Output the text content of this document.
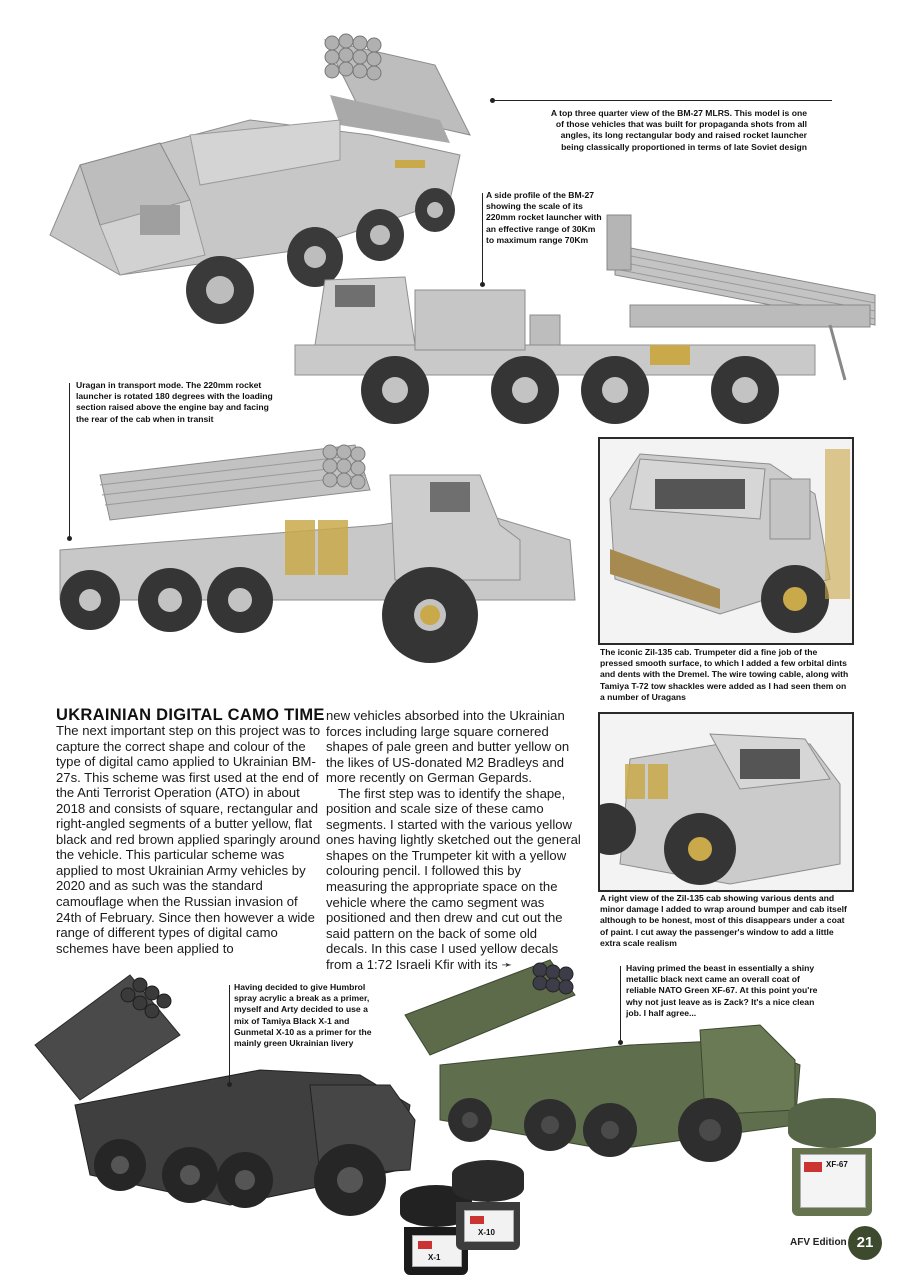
A top three quarter view of the BM-27 MLRS. This model is one of those vehicles that was built for propaganda shots from all angles, its long rectangular body and raised rocket launcher being classically proportioned in terms of late Soviet design
A side profile of the BM-27 showing the scale of its 220mm rocket launcher with an effective range of 30Km to maximum range 70Km
Uragan in transport mode. The 220mm rocket launcher is rotated 180 degrees with the loading section raised above the engine bay and facing the rear of the cab when in transit
The iconic Zil-135 cab. Trumpeter did a fine job of the pressed smooth surface, to which I added a few orbital dints and dents with the Dremel. The wire towing cable, along with Tamiya T-72 tow shackles were added as I had seen them on a number of Uragans
A right view of the Zil-135 cab showing various dents and minor damage I added to wrap around bumper and cab itself although to be honest, most of this disappears under a coat of paint. I cut away the passenger's window to add a little extra scale realism
UKRAINIAN DIGITAL CAMO TIME

The next important step on this project was to capture the correct shape and colour of the type of digital camo applied to Ukrainian BM-27s. This scheme was first used at the end of the Anti Terrorist Operation (ATO) in about 2018 and consists of square, rectangular and right-angled segments of a butter yellow, flat black and red brown applied sparingly around the vehicle. This particular scheme was applied to most Ukrainian Army vehicles by 2020 and as such was the standard camouflage when the Russian invasion of 24th of February. Since then however a wide range of different types of digital camo schemes have been applied to

new vehicles absorbed into the Ukrainian forces including large square cornered shapes of pale green and butter yellow on the likes of US-donated M2 Bradleys and more recently on German Gepards.

The first step was to identify the shape, position and scale size of these camo segments. I started with the various yellow ones having lightly sketched out the general shapes on the Trumpeter kit with a yellow colouring pencil. I followed this by measuring the appropriate space on the vehicle where the camo segment was positioned and then drew and cut out the said pattern on the back of some old decals. In this case I used yellow decals from a 1:72 Israeli Kfir with its ➛

Having decided to give Humbrol spray acrylic a break as a primer, myself and Arty decided to use a mix of Tamiya Black X-1 and Gunmetal X-10 as a primer for the mainly green Ukrainian livery
X-1
X-10
Having primed the beast in essentially a shiny metallic black next came an overall coat of reliable NATO Green XF-67. At this point you're why not just leave as is Zack? It's a nice clean job. I half agree...
XF-67
AFV Edition 21
